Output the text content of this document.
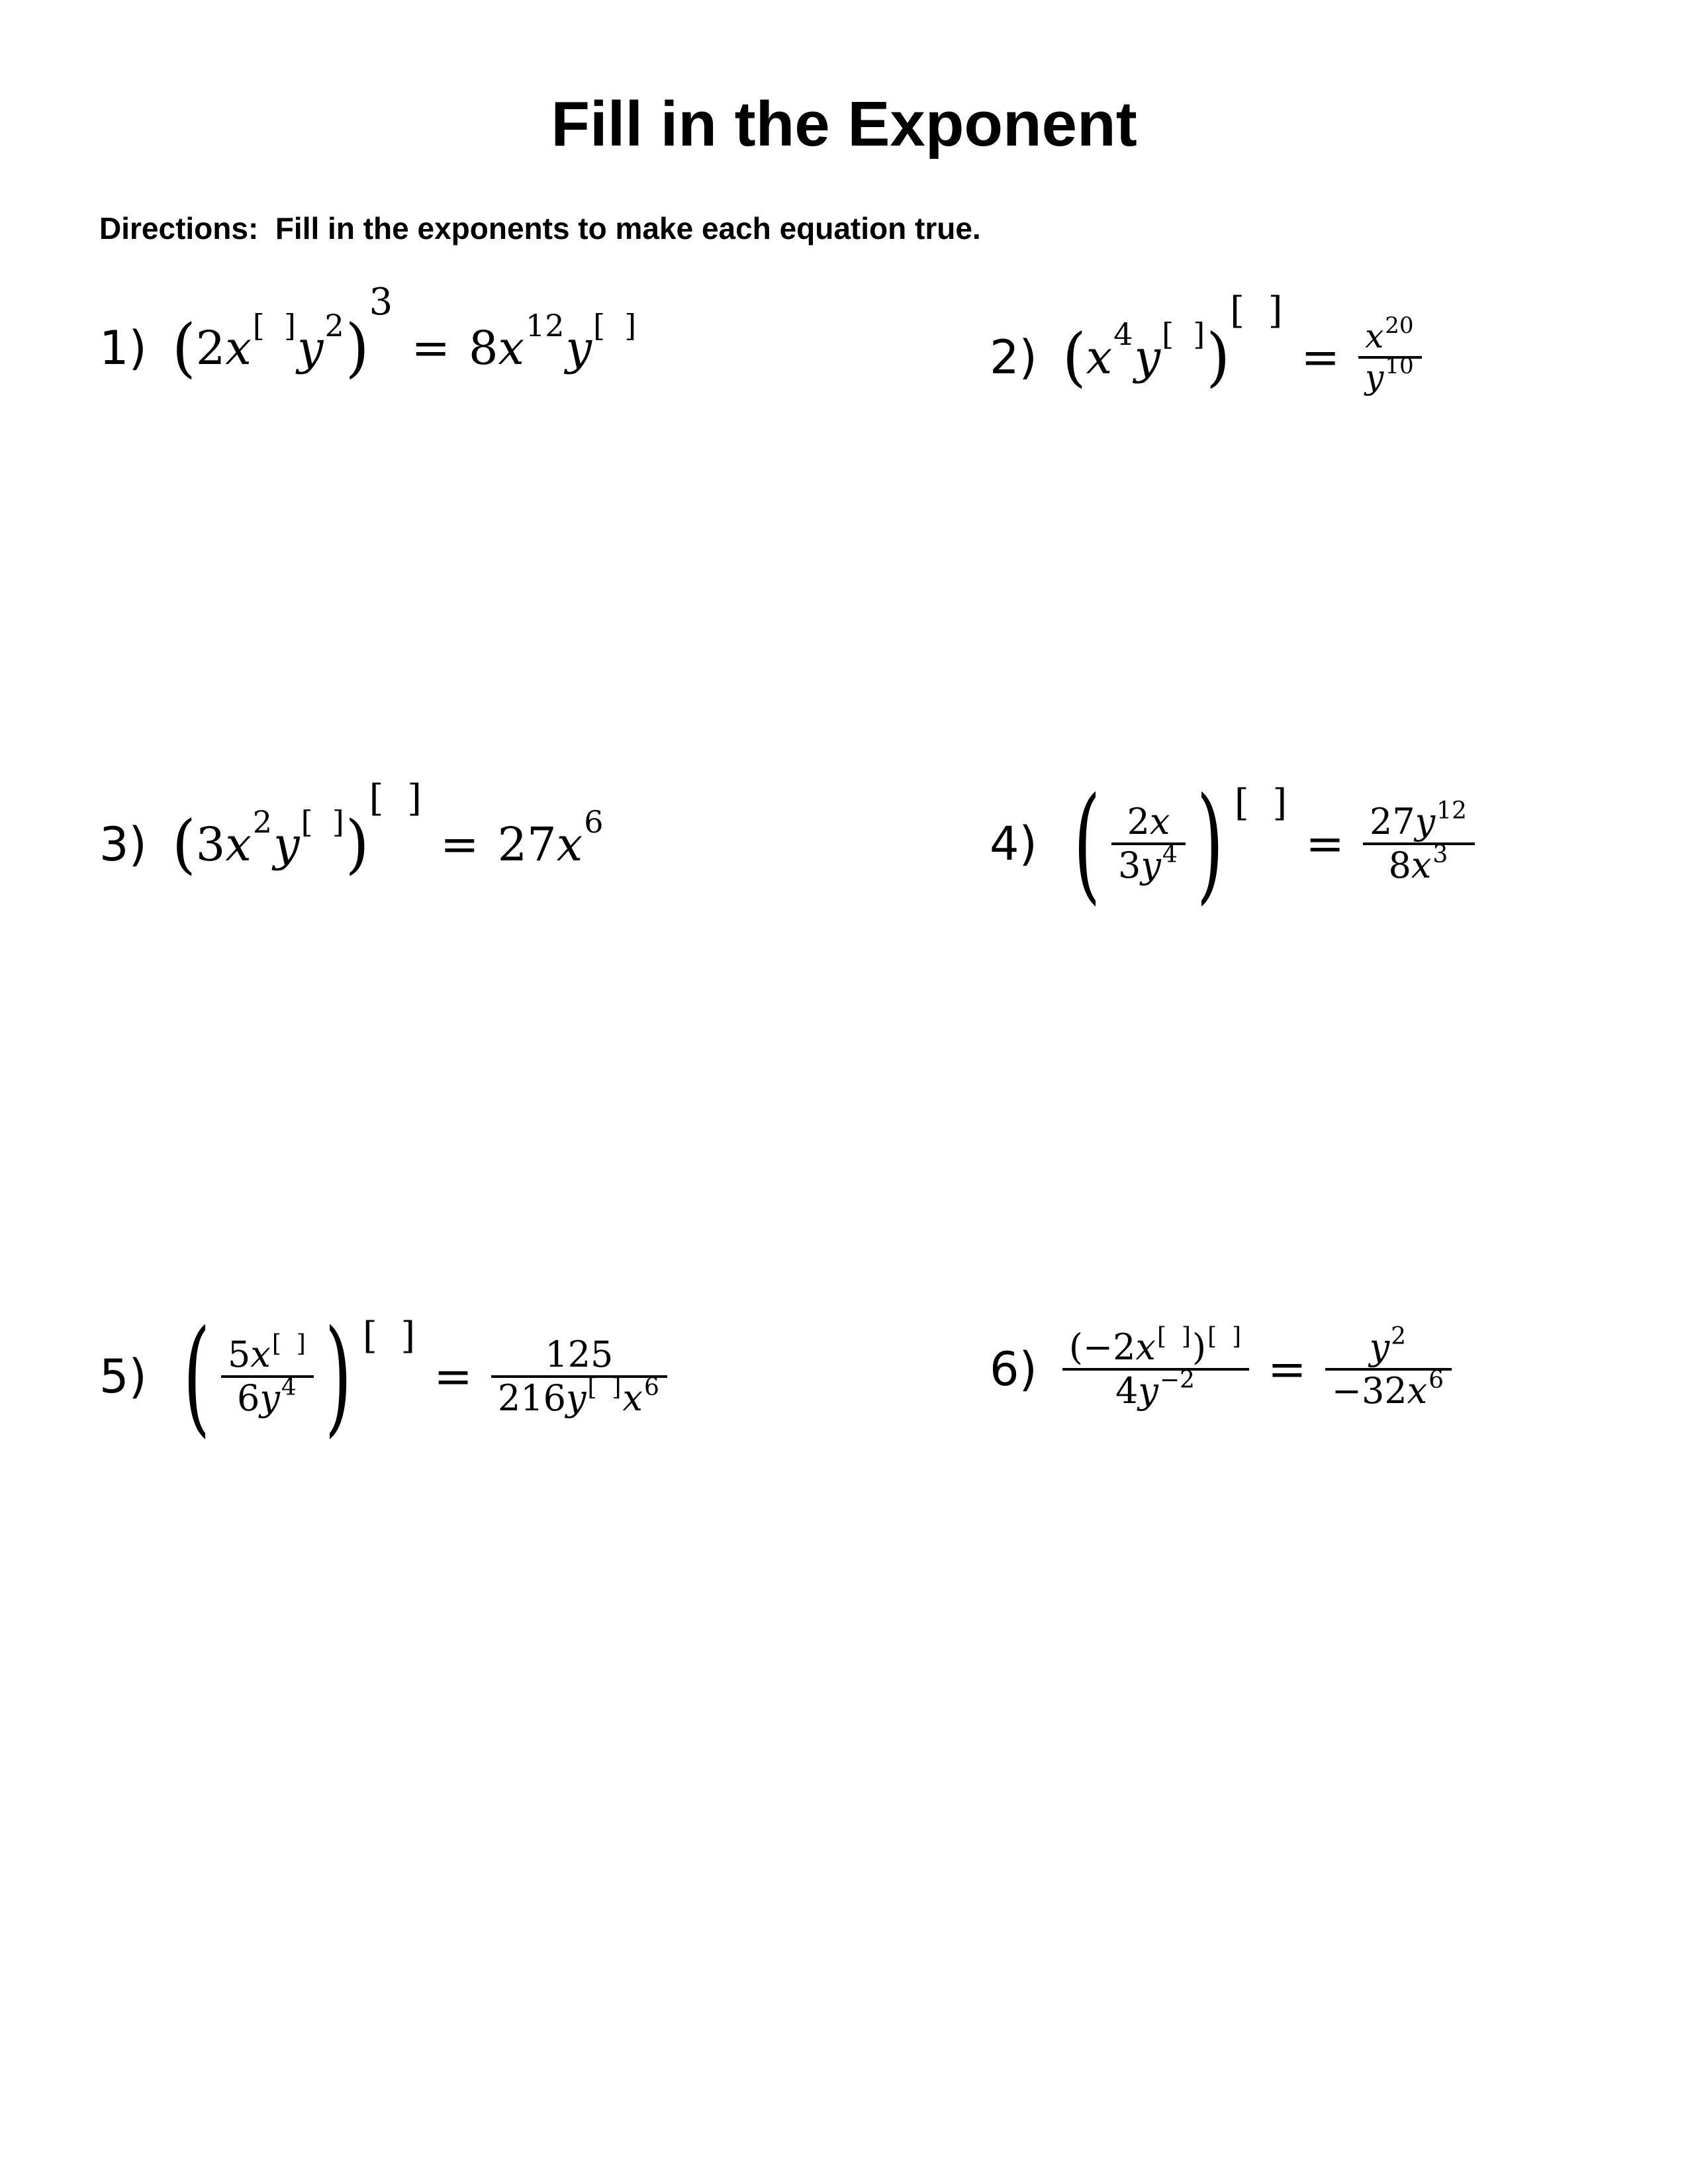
Fill in the Exponent
Directions:  Fill in the exponents to make each equation true.
1) ( 2 x [  ] y 2 )
3
= 8 x 12 y [  ]
2) ( x 4 y [  ] )
[  ]
= $\frac{x^{20}}{y^{10}}$
3) ( 3 x 2 y [  ] )
[  ]
= 27 x 6	4) ( $\frac{2x}{3y^4}$ ) [  ]
= $\frac{27y^{12}}{8x^3}$
5) ( $\frac{5x^{[ ]}}{6y^4}$ ) [  ]
= $\frac{125}{216y^{[ ]}x^6}$	$6) \frac{(-2x^{[ ]})^{[ ]}}{4y^{-2}} = \frac{y^2}{-32x^6}$
